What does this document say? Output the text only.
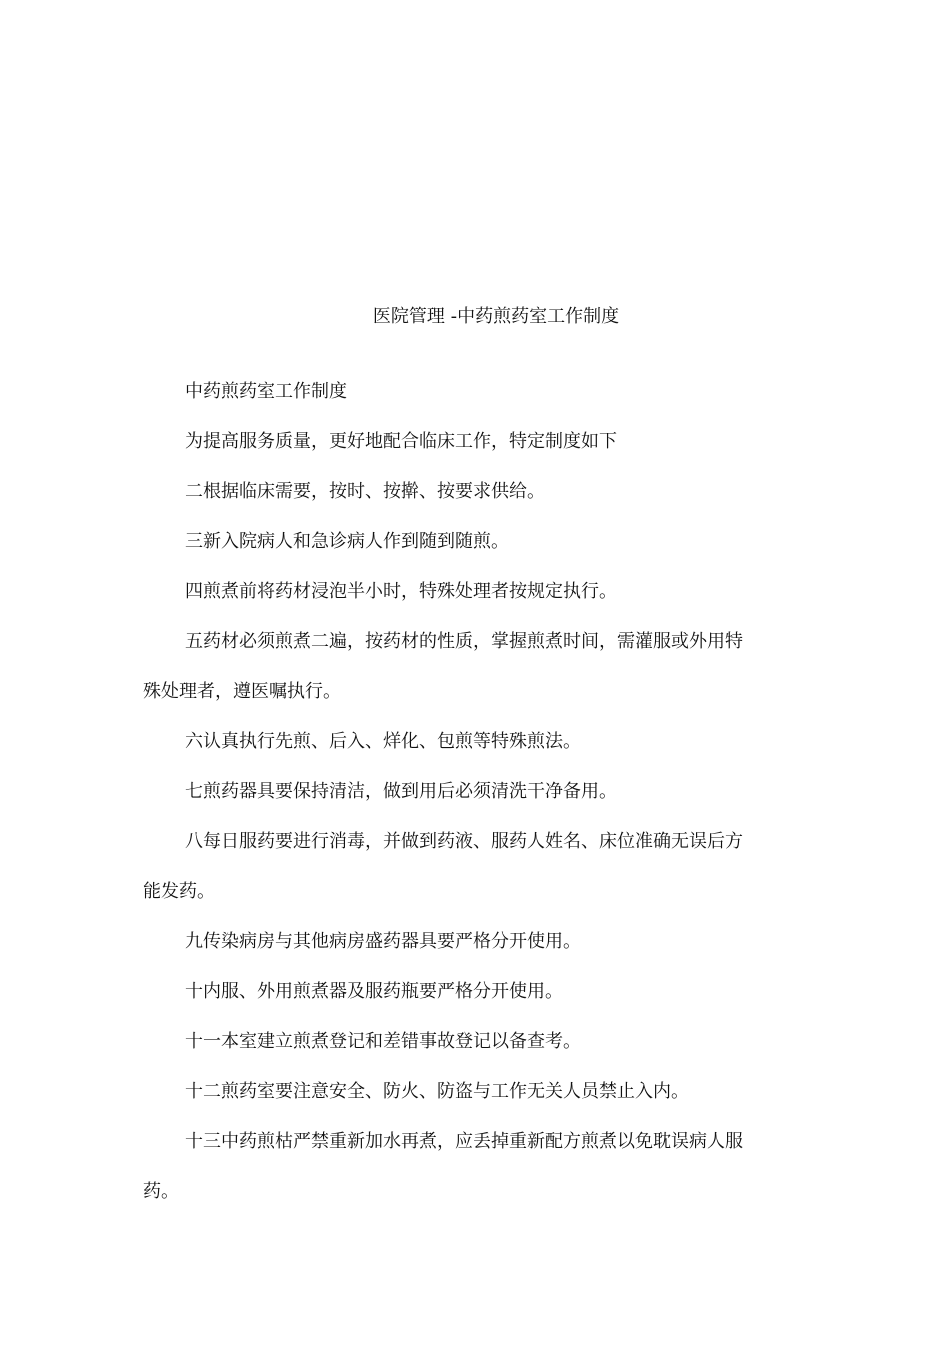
医院管理 -中药煎药室工作制度

中药煎药室工作制度

为提高服务质量，更好地配合临床工作，特定制度如下

二根据临床需要，按时、按擀、按要求供给。

三新入院病人和急诊病人作到随到随煎。

四煎煮前将药材浸泡半小时，特殊处理者按规定执行。

五药材必须煎煮二遍，按药材的性质，掌握煎煮时间，需灌服或外用特殊处理者，遵医嘱执行。

六认真执行先煎、后入、烊化、包煎等特殊煎法。

七煎药器具要保持清洁，做到用后必须清洗干净备用。

八每日服药要进行消毒，并做到药液、服药人姓名、床位准确无误后方能发药。

九传染病房与其他病房盛药器具要严格分开使用。

十内服、外用煎煮器及服药瓶要严格分开使用。

十一本室建立煎煮登记和差错事故登记以备查考。

十二煎药室要注意安全、防火、防盗与工作无关人员禁止入内。

十三中药煎枯严禁重新加水再煮，应丢掉重新配方煎煮以免耽误病人服药。
